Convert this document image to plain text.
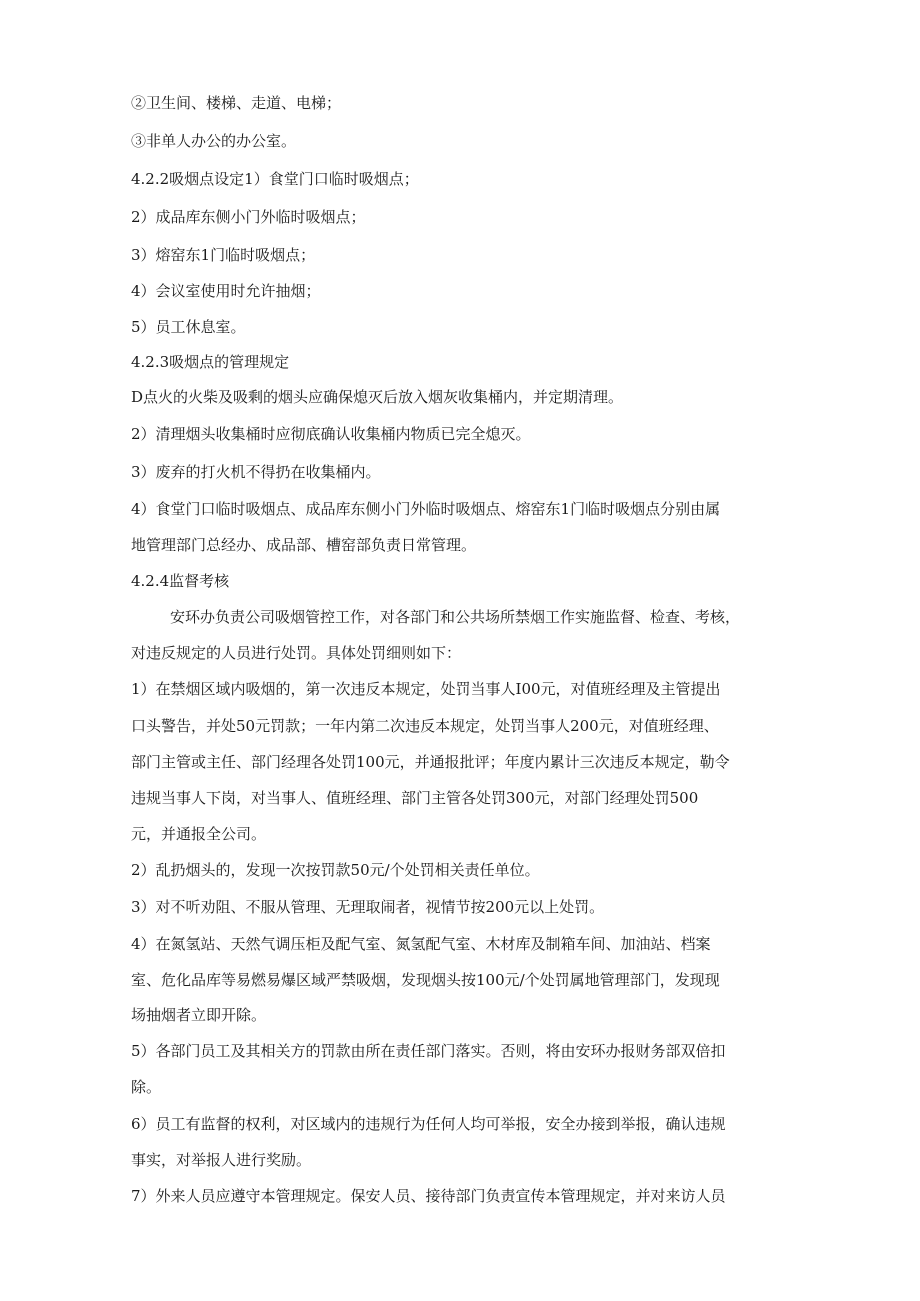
②卫生间、楼梯、走道、电梯；
③非单人办公的办公室。
4.2.2吸烟点设定1）食堂门口临时吸烟点；
2）成品库东侧小门外临时吸烟点；
3）熔窑东1门临时吸烟点；
4）会议室使用时允许抽烟；
5）员工休息室。
4.2.3吸烟点的管理规定
D点火的火柴及吸剩的烟头应确保熄灭后放入烟灰收集桶内，并定期清理。
2）清理烟头收集桶时应彻底确认收集桶内物质已完全熄灭。
3）废弃的打火机不得扔在收集桶内。
4）食堂门口临时吸烟点、成品库东侧小门外临时吸烟点、熔窑东1门临时吸烟点分别由属
地管理部门总经办、成品部、槽窑部负责日常管理。
4.2.4监督考核
安环办负责公司吸烟管控工作，对各部门和公共场所禁烟工作实施监督、检查、考核，
对违反规定的人员进行处罚。具体处罚细则如下：
1）在禁烟区域内吸烟的，第一次违反本规定，处罚当事人I00元，对值班经理及主管提出
口头警告，并处50元罚款；一年内第二次违反本规定，处罚当事人200元，对值班经理、
部门主管或主任、部门经理各处罚100元，并通报批评；年度内累计三次违反本规定，勒令
违规当事人下岗，对当事人、值班经理、部门主管各处罚300元，对部门经理处罚500
元，并通报全公司。
2）乱扔烟头的，发现一次按罚款50元/个处罚相关责任单位。
3）对不听劝阻、不服从管理、无理取闹者，视情节按200元以上处罚。
4）在氮氢站、天然气调压柜及配气室、氮氢配气室、木材库及制箱车间、加油站、档案
室、危化品库等易燃易爆区域严禁吸烟，发现烟头按100元/个处罚属地管理部门，发现现
场抽烟者立即开除。
5）各部门员工及其相关方的罚款由所在责任部门落实。否则，将由安环办报财务部双倍扣
除。
6）员工有监督的权利，对区域内的违规行为任何人均可举报，安全办接到举报，确认违规
事实，对举报人进行奖励。
7）外来人员应遵守本管理规定。保安人员、接待部门负责宣传本管理规定，并对来访人员
